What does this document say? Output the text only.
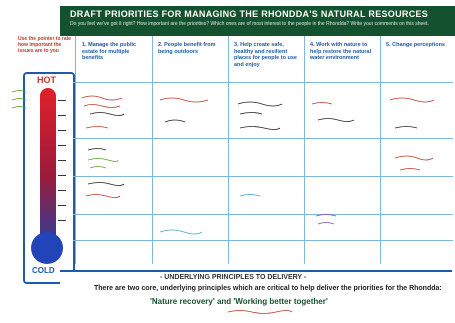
DRAFT PRIORITIES FOR MANAGING THE RHONDDA'S NATURAL RESOURCES
Do you feel we've got it right? How important are the priorities? Which ones are of most interest to the people in the Rhondda? Write your comments on this sheet.
Use the pointer to rate how important the issues are to you
HOT
COLD
1. Manage the public estate for multiple benefits
2. People benefit from being outdoors
3. Help create safe, healthy and resilient places for people to use and enjoy
4. Work with nature to help restore the natural water environment
5. Change perceptions
- UNDERLYING PRINCIPLES TO DELIVERY -
There are two core, underlying principles which are critical to help deliver the priorities for the Rhondda:
'Nature recovery' and 'Working better together'
